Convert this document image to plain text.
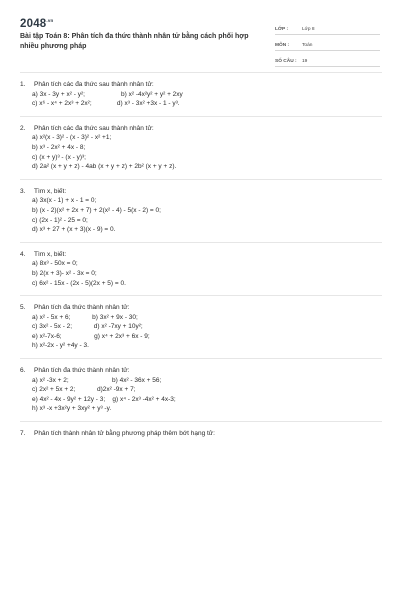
$2048^{.vn}$
Bài tập Toán 8: Phân tích đa thức thành nhân tử bằng cách phối hợp nhiều phương pháp
LỚP :	Lớp 8
MÔN :	Toán
SỐ CÂU :	19
1.	Phân tích các đa thức sau thành nhân tử:
a) 3x - 3y + x² - y²;                    b) x² -4x²y² + y² + 2xy
c) x⁶ - x⁴ + 2x³ + 2x²;              d) x³ - 3x² +3x - 1 - y³.
2.	Phân tích các đa thức sau thành nhân tử:
a) x²(x - 3)² - (x - 3)² - x² +1;
b) x³ - 2x² + 4x - 8;
c) (x + y)³ - (x - y)³;
d) 2a² (x + y + z) - 4ab (x + y + z) + 2b² (x + y + z).
3.	Tìm x, biết:
a) 3x(x - 1) + x - 1 = 0;
b) (x - 2)(x² + 2x + 7) + 2(x² - 4) - 5(x - 2) = 0;
c) (2x - 1)² - 25 = 0;
d) x³ + 27 + (x + 3)(x - 9) = 0.
4.	Tìm x, biết:
a) 8x³ - 50x = 0;
b) 2(x + 3)- x² - 3x = 0;
c) 6x² - 15x - (2x - 5)(2x + 5) = 0.
5.	Phân tích đa thức thành nhân tử:
a) x² - 5x + 6;            b) 3x² + 9x - 30;
c) 3x² - 5x - 2;            d) x² -7xy + 10y²;
e) x²-7x-6;                  g) x⁴ + 2x³ + 6x - 9;
h) x²-2x - y² +4y - 3.
6.	Phân tích đa thức thành nhân tử:
a) x² -3x + 2;                        b) 4x² - 36x + 56;
c) 2x² + 5x + 2;            d)2x² -9x + 7;
e) 4x² - 4x - 9y² + 12y - 3;    g) x⁴ - 2x³ -4x² + 4x-3;
h) x³ -x +3x²y + 3xy² + y³ -y.
7.	Phân tích thành nhân tử bằng phương pháp thêm bớt hạng tử:
